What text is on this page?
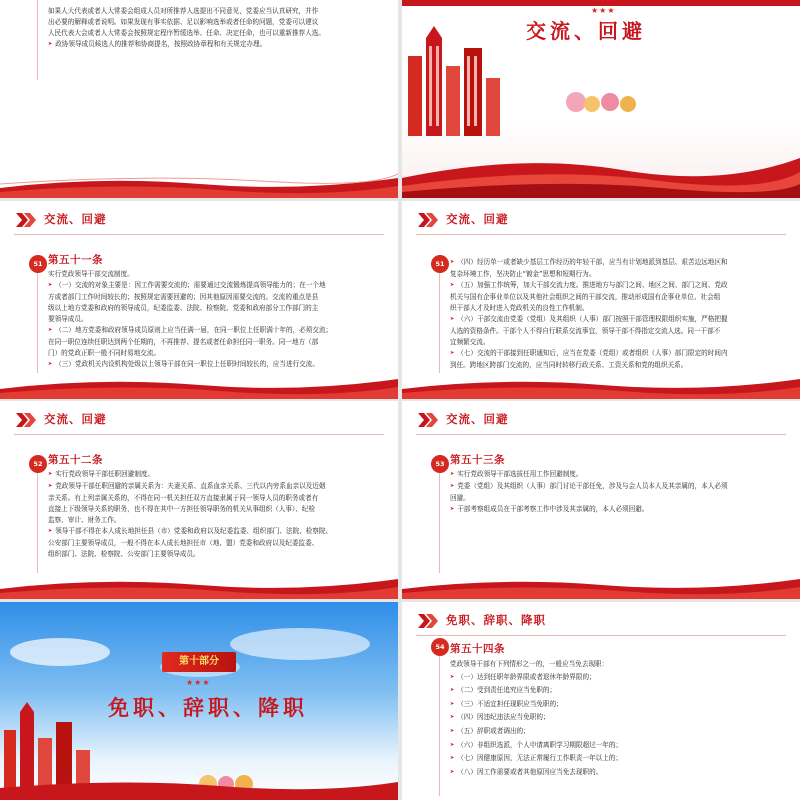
如果人大代表或者人大常委会组成人员对所推荐人选提出不同意见，党委应当认真研究，并作

出必要的解释或者说明。如果发现有事实依据、足以影响选举或者任命的问题，党委可以建议

人民代表大会或者人大常委会按照规定程序暂缓选举、任命、决定任命，也可以重新推荐人选。

➤ 政协领导成员候选人的推荐和协商提名，按照政协章程和有关规定办理。

★★★
交流、回避
交流、回避
51 第五十一条

实行党政领导干部交流制度。

➤ （一）交流的对象主要是：因工作需要交流的；需要通过交流锻炼提高领导能力的；在一个地

方或者部门工作时间较长的；按照规定需要回避的；因其他原因需要交流的。交流的重点是县

级以上地方党委和政府的领导成员，纪委监委、法院、检察院、党委和政府部分工作部门的主

要领导成员。

➤ （二）地方党委和政府领导成员原则上应当任满一届，在同一职位上任职满十年的，必须交流；

在同一职位连续任职达到两个任期的，不再推荐、提名或者任命担任同一职务。同一地方（部

门）的党政正职一般不同时易地交流。

➤ （三）党政机关内设机构处级以上领导干部在同一职位上任职时间较长的，应当进行交流。

交流、回避
51

➤	（四）经历单一或者缺少基层工作经历的年轻干部，应当有计划地派到基层、艰苦边远地区和

复杂环境工作，坚决防止“镀金”思想和短期行为。

➤ （五）加强工作统筹，加大干部交流力度。推进地方与部门之间、地区之间、部门之间、党政

机关与国有企事业单位以及其他社会组织之间的干部交流，推动形成国有企事业单位、社会组

织干部人才及时进入党政机关的良性工作机制。

➤ （六）干部交流由党委（党组）及其组织（人事）部门按照干部管理权限组织实施，严格把握

人选的资格条件。干部个人不得自行联系交流事宜，领导干部不得指定交流人选。同一干部不

宜频繁交流。

➤ （七）交流的干部接到任职通知后，应当在党委（党组）或者组织（人事）部门限定的时间内

到任。跨地区跨部门交流的，应当同时转移行政关系、工资关系和党的组织关系。

交流、回避
52 第五十二条

➤ 实行党政领导干部任职回避制度。

➤ 党政领导干部任职回避的亲属关系为：夫妻关系、直系血亲关系、三代以内旁系血亲以及近姻

亲关系。有上列亲属关系的，不得在同一机关担任双方直接隶属于同一领导人员的职务或者有

直接上下级领导关系的职务，也不得在其中一方担任领导职务的机关从事组织（人事）、纪检

监察、审计、财务工作。

➤ 领导干部不得在本人成长地担任县（市）党委和政府以及纪委监委、组织部门、法院、检察院、

公安部门主要领导成员，一般不得在本人成长地担任市（地、盟）党委和政府以及纪委监委、

组织部门、法院、检察院、公安部门主要领导成员。

交流、回避
53 第五十三条

➤ 实行党政领导干部选拔任用工作回避制度。

➤ 党委（党组）及其组织（人事）部门讨论干部任免，涉及与会人员本人及其亲属的，本人必须

回避。

➤ 干部考察组成员在干部考察工作中涉及其亲属的，本人必须回避。

第十部分
★★★
免职、辞职、降职
免职、辞职、降职
54 第五十四条

党政领导干部有下列情形之一的，一般应当免去现职：

➤ （一）达到任职年龄界限或者退休年龄界限的；

➤ （二）受到责任追究应当免职的；

➤ （三）不适宜担任现职应当免职的；

➤ （四）因违纪违法应当免职的；

➤ （五）辞职或者调出的；

➤ （六）非组织选派，个人申请离职学习期限超过一年的；

➤ （七）因健康原因，无法正常履行工作职责一年以上的；

➤ （八）因工作需要或者其他原因应当免去现职的。
